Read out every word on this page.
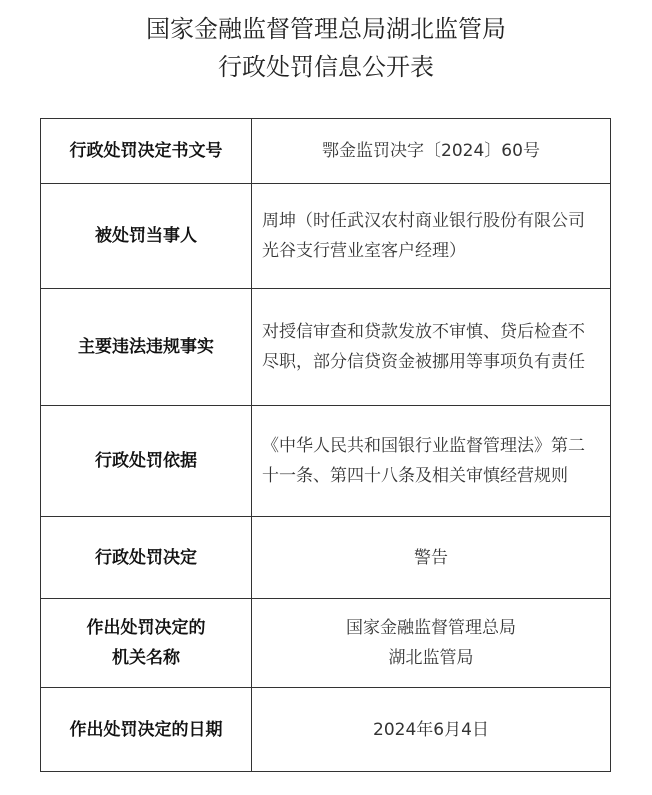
国家金融监督管理总局湖北监管局
行政处罚信息公开表
行政处罚决定书文号	鄂金监罚决字〔2024〕60号
被处罚当事人	周坤（时任武汉农村商业银行股份有限公司光谷支行营业室客户经理）
主要违法违规事实	对授信审查和贷款发放不审慎、贷后检查不尽职，部分信贷资金被挪用等事项负有责任
行政处罚依据	《中华人民共和国银行业监督管理法》第二十一条、第四十八条及相关审慎经营规则
行政处罚决定	警告

作出处罚决定的
机关名称	国家金融监督管理总局
湖北监管局

作出处罚决定的日期	2024年6月4日
